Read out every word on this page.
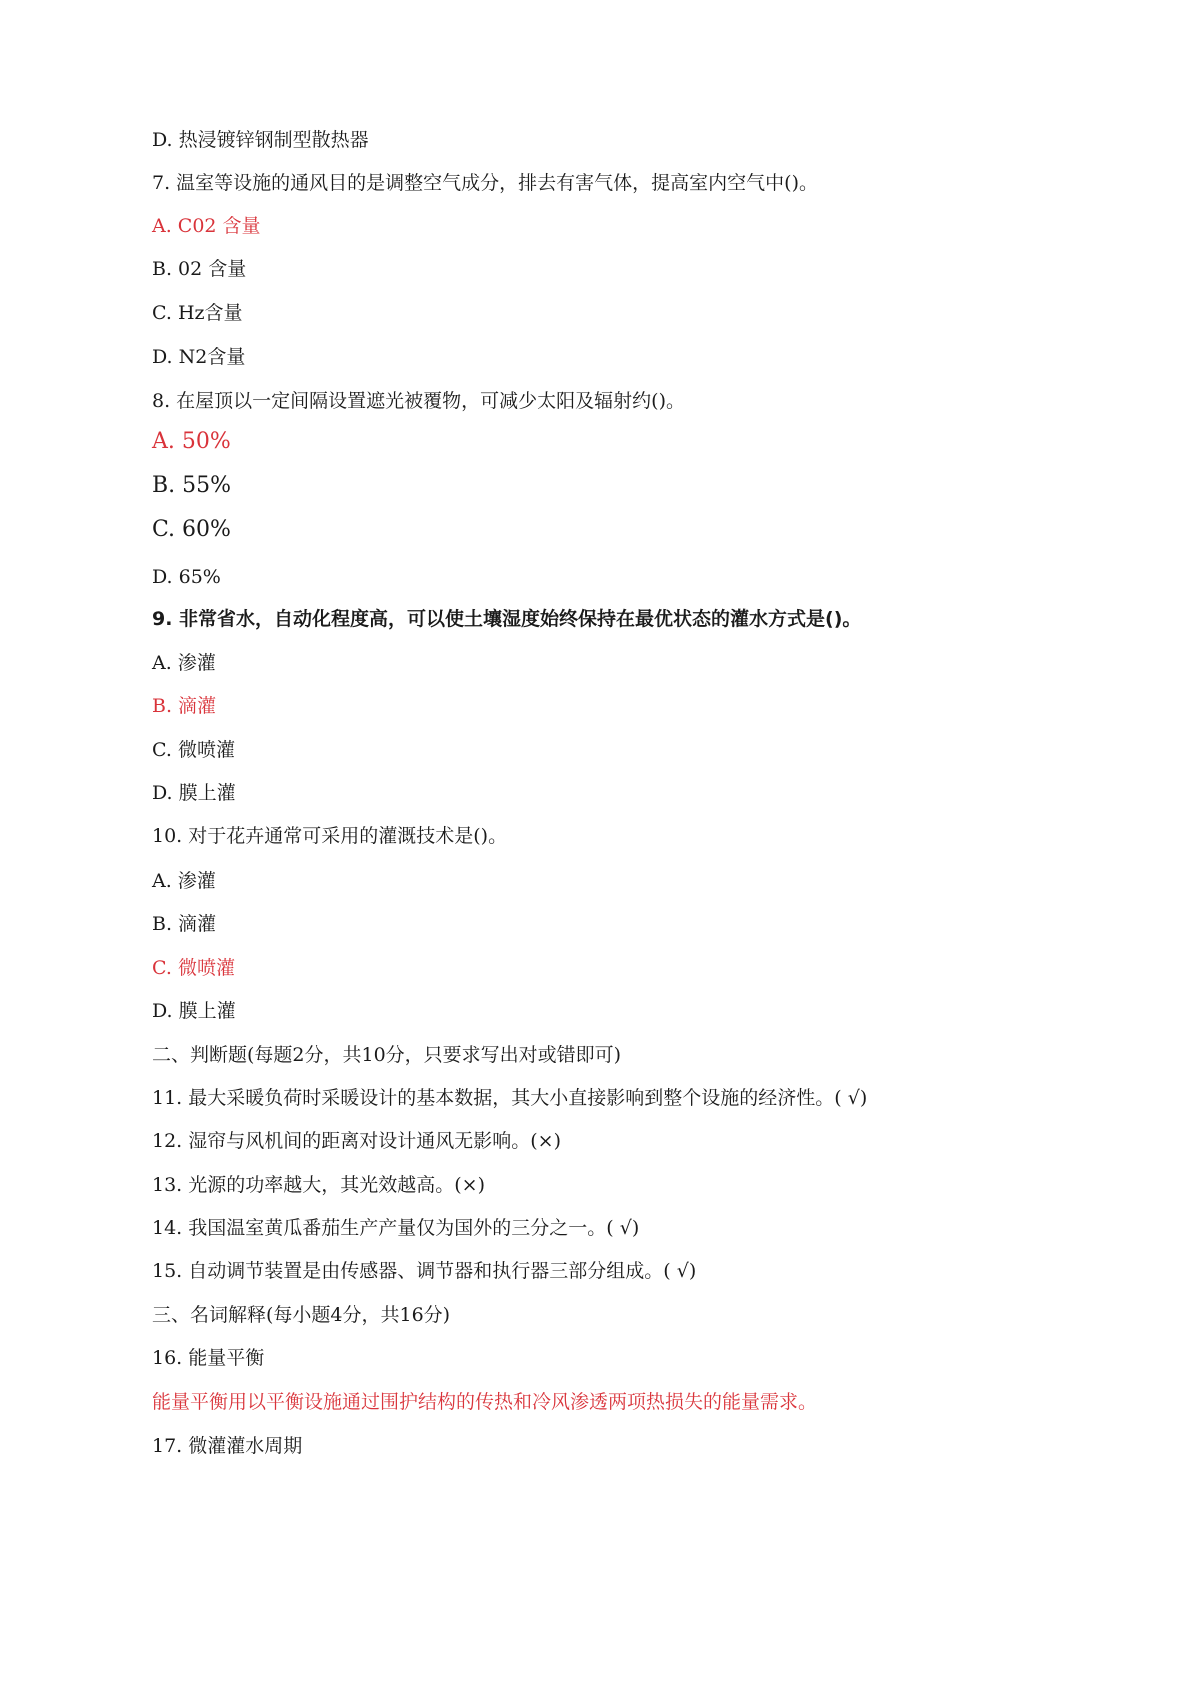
D. 热浸镀锌钢制型散热器
7. 温室等设施的通风目的是调整空气成分，排去有害气体，提高室内空气中()。
A. C02 含量
B. 02 含量
C. Hz含量
D. N2含量
8. 在屋顶以一定间隔设置遮光被覆物，可减少太阳及辐射约()。
A. 50%
B. 55%
C. 60%
D. 65%
9. 非常省水，自动化程度高，可以使土壤湿度始终保持在最优状态的灌水方式是()。
A. 渗灌
B. 滴灌
C. 微喷灌
D. 膜上灌
10. 对于花卉通常可采用的灌溉技术是()。
A. 渗灌
B. 滴灌
C. 微喷灌
D. 膜上灌
二、判断题(每题2分，共10分，只要求写出对或错即可)
11. 最大采暖负荷时采暖设计的基本数据，其大小直接影响到整个设施的经济性。( √)
12. 湿帘与风机间的距离对设计通风无影响。(×)
13. 光源的功率越大，其光效越高。(×)
14. 我国温室黄瓜番茄生产产量仅为国外的三分之一。( √)
15. 自动调节装置是由传感器、调节器和执行器三部分组成。( √)
三、名词解释(每小题4分，共16分)
16. 能量平衡
能量平衡用以平衡设施通过围护结构的传热和冷风渗透两项热损失的能量需求。
17. 微灌灌水周期
